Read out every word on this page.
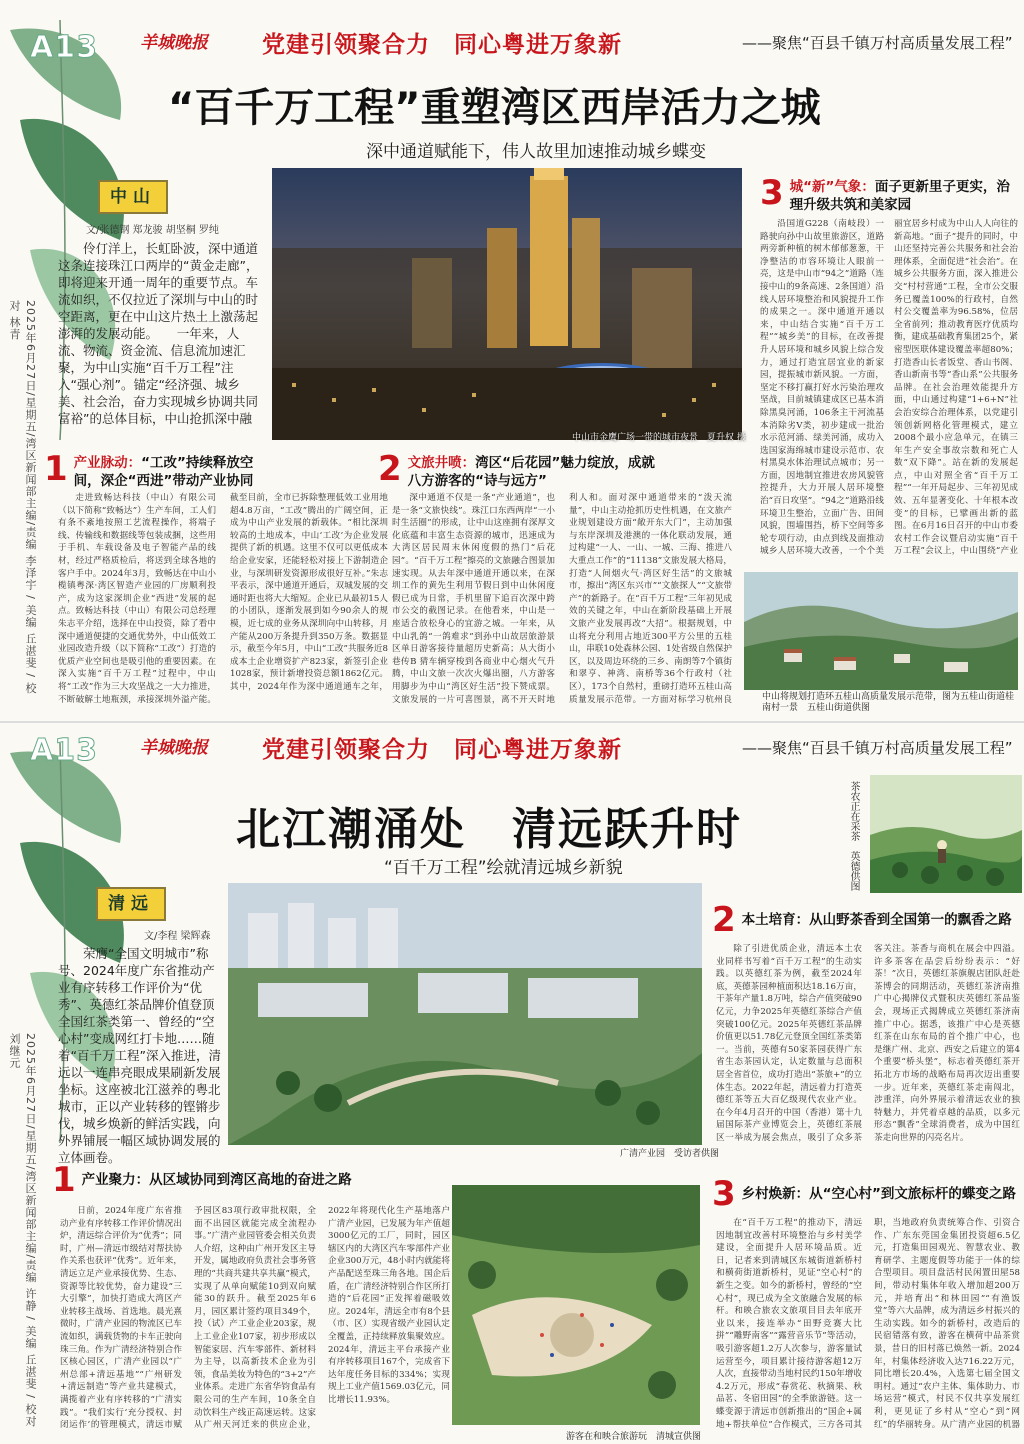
A13
2025年6月27日/星期五/湾区新闻部主编/责编 李泽宇 / 美编 丘湛斐 / 校对 林青
羊城晚报 党建引领聚合力　同心粤进万象新	——聚焦“百县千镇万村高质量发展工程”
“百千万工程”重塑湾区西岸活力之城
深中通道赋能下，伟人故里加速推动城乡蝶变
中山
文/张德钢 郑龙骏 胡坚桐 罗纯

伶仃洋上，长虹卧波，深中通道这条连接珠江口两岸的“黄金走廊”，即将迎来开通一周年的重要节点。车流如织，不仅拉近了深圳与中山的时空距离，更在中山这片热土上激荡起澎湃的发展动能。　　一年来，人流、物流、资金流、信息流加速汇聚，为中山实施“百千万工程”注入“强心剂”。锚定“经济强、城乡美、社会治，奋力实现城乡协调共同富裕”的总体目标，中山抢抓深中融

中山市金鹰广场一带的城市夜景　夏升权 摄
1 产业脉动：“工改”持续释放空间，深企“西进”带动产业协同

走进致畅达科技（中山）有限公司（以下简称“致畅达”）生产车间，工人们有条不紊地按照工艺流程操作，将端子线、传输线和数据线等包装成捆，这些用于手机、车载设备及电子智能产品的线材，经过严格质检后，将送到全球各地的客户手中。2024年3月，致畅达在中山小榄镇粤深·湾区智造产业园的厂房顺利投产，成为这家深圳企业“西进”发展的起点。致畅达科技（中山）有限公司总经理朱志平介绍，选择在中山投资，除了看中深中通道便捷的交通优势外，中山低效工业园改造升级（以下简称“工改”）打造的优质产业空间也是吸引他的重要因素。在深入实施“百千万工程”过程中，中山将“工改”作为三大攻坚战之一大力推进，不断破解土地瓶颈，承接深圳外溢产能。截至目前，全市已拆除整理低效工业用地超4.8万亩，“工改”腾出的广阔空间，正成为中山产业发展的新载体。“相比深圳较高的土地成本，中山‘工改’为企业发展提供了新的机遇。这里不仅可以更低成本给企业安家，还能轻松对接上下游制造企业，与深圳研发资源形成很好互补。”朱志平表示，深中通道开通后，双城发展的交通时距也将大大缩短。企业已从最初15人的小团队，逐渐发展到如今90余人的规模，近七成的业务从深圳向中山转移，月产能从200万条提升到350万条。数据显示，截至今年5月，中山“工改”共服务近8成本土企业增资扩产823家，新签引企业1028家，预计新增投资总额1862亿元。其中，2024年作为深中通道通车之年，

2 文旅井喷：湾区“后花园”魅力绽放，成就八方游客的“诗与远方”

深中通道不仅是一条“产业通道”，也是一条“文旅快线”。珠江口东西两岸“一小时生活圈”的形成，让中山这座拥有深厚文化底蕴和丰富生态资源的城市，迅速成为大湾区居民周末休闲度假的热门“后花园”。“百千万工程”擦亮的文旅融合图景加速实现。从去年深中通道开通以来，在深圳工作的黄先生利用节假日到中山休闲度假已成为日常，手机里留下追百次深中跨市公交的截图记录。在他看来，中山是一座适合放松身心的宜游之城。一年来，从中山乳鸽“一鸽难求”到孙中山故居旅游景区单日游客接待量超历史新高；从大街小巷传B 猜车辆穿梭到各商业中心烟火气升腾，中山文旅一次次火爆出圈，八方游客用脚步为中山“湾区好生活”投下赞成票。文旅发展的一片可喜图景，离不开天时地利人和。面对深中通道带来的“泼天流量”，中山主动抢抓历史性机遇，在文旅产业规划建设方面“敞开东大门”，主动加强与东岸深圳及港澳的一体化联动发展，通过构建“一人、一山、一城、三海、推进八大重点工作”的“11138”文旅发展大格局，打造“人间烟火气·湾区好生活”的文旅城市，擦出“湾区东兴市”“文旅探人”“文旅带产”的新路子。在“百千万工程”三年初见成效的关键之年，中山在新阶段基础上开展文旅产业发展再改“大招”。根据规划，中山将充分利用占地近300平方公里的五桂山，串联10处森林公园、1处省级自然保护区，以及周边环绕的三乡、南朗等7个镇街和翠亨、神湾、南桥等36个行政村（社区），173个自然村，重磅打造环五桂山高质量发展示范带。一方面对标学习杭州良

3 城“新”气象：面子更新里子更实，治理升级共筑和美家园

沿国道G228（南岐段）一路驶向孙中山故里旅游区，道路两旁新种植的树木郁郁葱葱，干净整洁的市容环境让人眼前一亮，这是中山市“94之”道路（连接中山的9条高速、2条国道）沿线人居环境整治和风貌提升工作的成果之一。深中通道开通以来，中山结合实施“百千万工程”“城乡美”的目标，在改善提升人居环境和城乡风貌上综合发力，通过打造宜居宜业的新家园，提振城市新风貌。一方面，坚定不移打赢打好水污染治理攻坚战，目前城镇建成区已基本消除黑臭河涌，106条主干河流基本消除劣V类，初步建成一批治水示范河涌、绿美河涌，成功入选国家海绵城市建设示范市、农村黑臭水体治理试点城市；另一方面，因地制宜推进农房风貌管控提升，大力开展人居环境整治“百日攻坚”。“94之”道路沿线环境卫生整治，立面广告、田间风貌，围墙围挡，桥下空间等多轮专项行动，由点到线及面推动城乡人居环境大改善，一个个美丽宜居乡村成为中山人人向往的新高地。“面子”提升的同时，中山还坚持完善公共服务和社会治理体系，全面促进“社会治”。在城乡公共服务方面，深入推进公交“村村营通”工程，全市公交服务已覆盖100%的行政村，自然村公交覆盖率为96.58%，位居全省前列；推动教育医疗优质均衡，建成基础教育集团25个，紧密型医联体建设覆盖率超80%；打造香山长者饭堂、香山书阁、香山新南书等“香山系”公共服务品牌。在社会治理效能提升方面，中山通过构建“1+6+N”社会治安综合治理体系，以党建引领创新网格化管理模式，建立2008个最小应急单元，在镇三年生产安全事故宗数和死亡人数“双下降”。站在新的发展起点，中山对照全省“百千万工程”“一年开局起步、三年初见成效、五年显著变化、十年根本改变”的目标，已擘画出新的蓝图。在6月16日召开的中山市委农村工作会议暨启动实施“百千万工程”会议上，中山围绕“产业

中山将规划打造环五桂山高质量发展示范带，图为五桂山街道桂南村一景　五桂山街道供图
A13
2025年6月27日/星期五/湾区新闻部主编/责编 许静 / 美编 丘湛斐 / 校对 刘继元
羊城晚报 党建引领聚合力　同心粤进万象新	——聚焦“百县千镇万村高质量发展工程”
北江潮涌处　清远跃升时
“百千万工程”绘就清远城乡新貌	茶农正在采茶　英德供图
清远
文/李程 梁辉森

荣膺“全国文明城市”称号、2024年度广东省推动产业有序转移工作评价为“优秀”、英德红茶品牌价值登顶全国红茶类第一、曾经的“空心村”变成网红打卡地……随着“百千万工程”深入推进，清远以一连串亮眼成果刷新发展坐标。这座被北江滋养的粤北城市，正以产业转移的铿锵步伐，城乡焕新的鲜活实践，向外界铺展一幅区域协调发展的立体画卷。	广清产业园　受访者供图
1 产业聚力：从区域协同到湾区高地的奋进之路

日前，2024年度广东省推动产业有序转移工作评价情况出炉，清远综合评价为“优秀”；同时，广州—清远市级结对帮扶协作关系也获评“优秀”。近年来，清远立足产业承接优势、生态、资源等比较优势，奋力建设“三大引擎”，加快打造成大湾区产业转移主战场、首选地。晨光熹微时，广清产业园的物流区已车流如织，满载货物的卡车正驶向珠三角。作为广清经济特别合作区核心园区，广清产业园以“广州总部+清远基地”“广州研发+清远制造”等产业共建模式，满揽着产业有序转移的“广清实践”。“我们实行‘充分授权、封闭运作’的管理模式，清远市赋予园区83项行政审批权限，全面不出园区就能完成全流程办事。”广清产业园管委会相关负责人介绍，这种由广州开发区主导开发，属地政府负责社会事务管理的“共商共建共享共赢”模式，实现了从单向赋能10到双向赋能30的跃升。截至2025年6月，园区累计签约项目349个，投（试）产工业企业203家，规上工业企业107家，初步形成以智能家居、汽车零部件、新材料为主导，以高新技术企业为引领，食品美妆为特色的“3+2”产业体系。走进广东省华钧食品有限公司的生产车间，10条全自动饮料生产线正高速运转。这家从广州天河迁来的供应企业，2022年将现代化生产基地落户广清产业园，已发展为年产值超3000亿元的工厂，同时，园区辖区内的大湾区汽车零部件产业企业300万元，48小时内就能将产品配送至珠三角各地。国企后盾，在广清经济特别合作区所打造的“后花园”正发挥着磁吸效应。2024年，清远全市有8个县（市、区）实现省级产业园认定全覆盖，正持续释放集聚效应。2024年，清远主平台承接产业有序转移项目167个，完成省下达年度任务目标的334%；实现规上工业产值1569.03亿元，同比增长11.93%。

2 本土培育：从山野茶香到全国第一的飘香之路

除了引进优质企业，清远本土农业同样书写着“百千万工程”的生动实践。以英德红茶为例，截至2024年底，英德茶园种植面积达18.16万亩，干茶年产量1.8万吨，综合产值突破90亿元，力争2025年英德红茶综合产值突破100亿元。2025年英德红茶品牌价值更以51.78亿元登顶全国红茶类第一。当前，英德有50家茶园获得广东省生态茶园认定，认定数量与总面积居全省首位，成功打造出“茶旅+”的立体生态。2022年起，清远着力打造英德红茶等五大百亿级现代农业产业。在今年4月召开的中国（香港）第十九届国际茶产业博览会上，英德红茶展区一举成为展会焦点，吸引了众多茶客关注。茶香与商机在展会中四溢。许多茶客在品尝后纷纷表示：“好茶！”次日，英德红茶旗舰店团队赶赴茶博会的同期活动，英德红茶济南推广中心揭牌仪式暨积庆英德红茶品鉴会，现场正式揭牌成立英德红茶济南推广中心。据悉，该推广中心是英德红茶在山东布局的首个推广中心，也是继广州、北京、西安之后建立的第4个重要“桥头堡”，标志着英德红茶开拓北方市场的战略布局再次迈出重要一步。近年来，英德红茶走南闯北，涉重洋，向外界展示着清远农业的独特魅力，并凭着卓越的品质，以多元形态“飘香”全球消费者，成为中国红茶走向世界的闪亮名片。

游客在和映合旅游玩　清城宣供图
3 乡村焕新：从“空心村”到文旅标杆的蝶变之路

在“百千万工程”的推动下，清远因地制宜改善村环境整治与乡村美学建设，全面提升人居环境品质。近日，记者来到清城区东城街道新桥村和横荷街道新桥村，见证“空心村”的新生之变。如今的新桥村，曾经的“空心村”，现已成为全文旅融合发展的标杆。和映合旅农文旅项目目去年底开业以来，接连举办“田野竞赛大比拼”“雕野南客”“露营音乐节”等活动，吸引游客超1.2万人次参与，游客量试运营至今，项目累计接待游客超12万人次，直接带动当地村民约150年增收4.2万元，形成“春赏花、秋摘果、秋品茗、冬宿田园”的全季旅游链。这一蝶变源于清远市创新推出的“国企+属地+帮扶单位”合作模式，三方各司其职，当地政府负责统筹合作、引资合作、广东东莞国金集团投资超6.5亿元，打造集田园观光、智慧农业、教育研学、主题度假等功能于一体的综合型项目。项目盘活村民闲置田屋58间，带动村集体年收入增加超200万元，并培育出“和林田园”“有渔饭堂”等六大品牌，成为清远乡村振兴的生动实践。如今的新桥村，改造后的民宿错落有致，游客在横荷中品茶赏景，昔日的旧村落已焕然一新。2024年，村集体经济收入达716.22万元，同比增长20.4%，入选第七届全国文明村。通过“农户主体、集体助力、市场运营”模式，村民不仅共享发展红利，更见证了乡村从“空心”到“网红”的华丽转身。从广清产业园的机器
